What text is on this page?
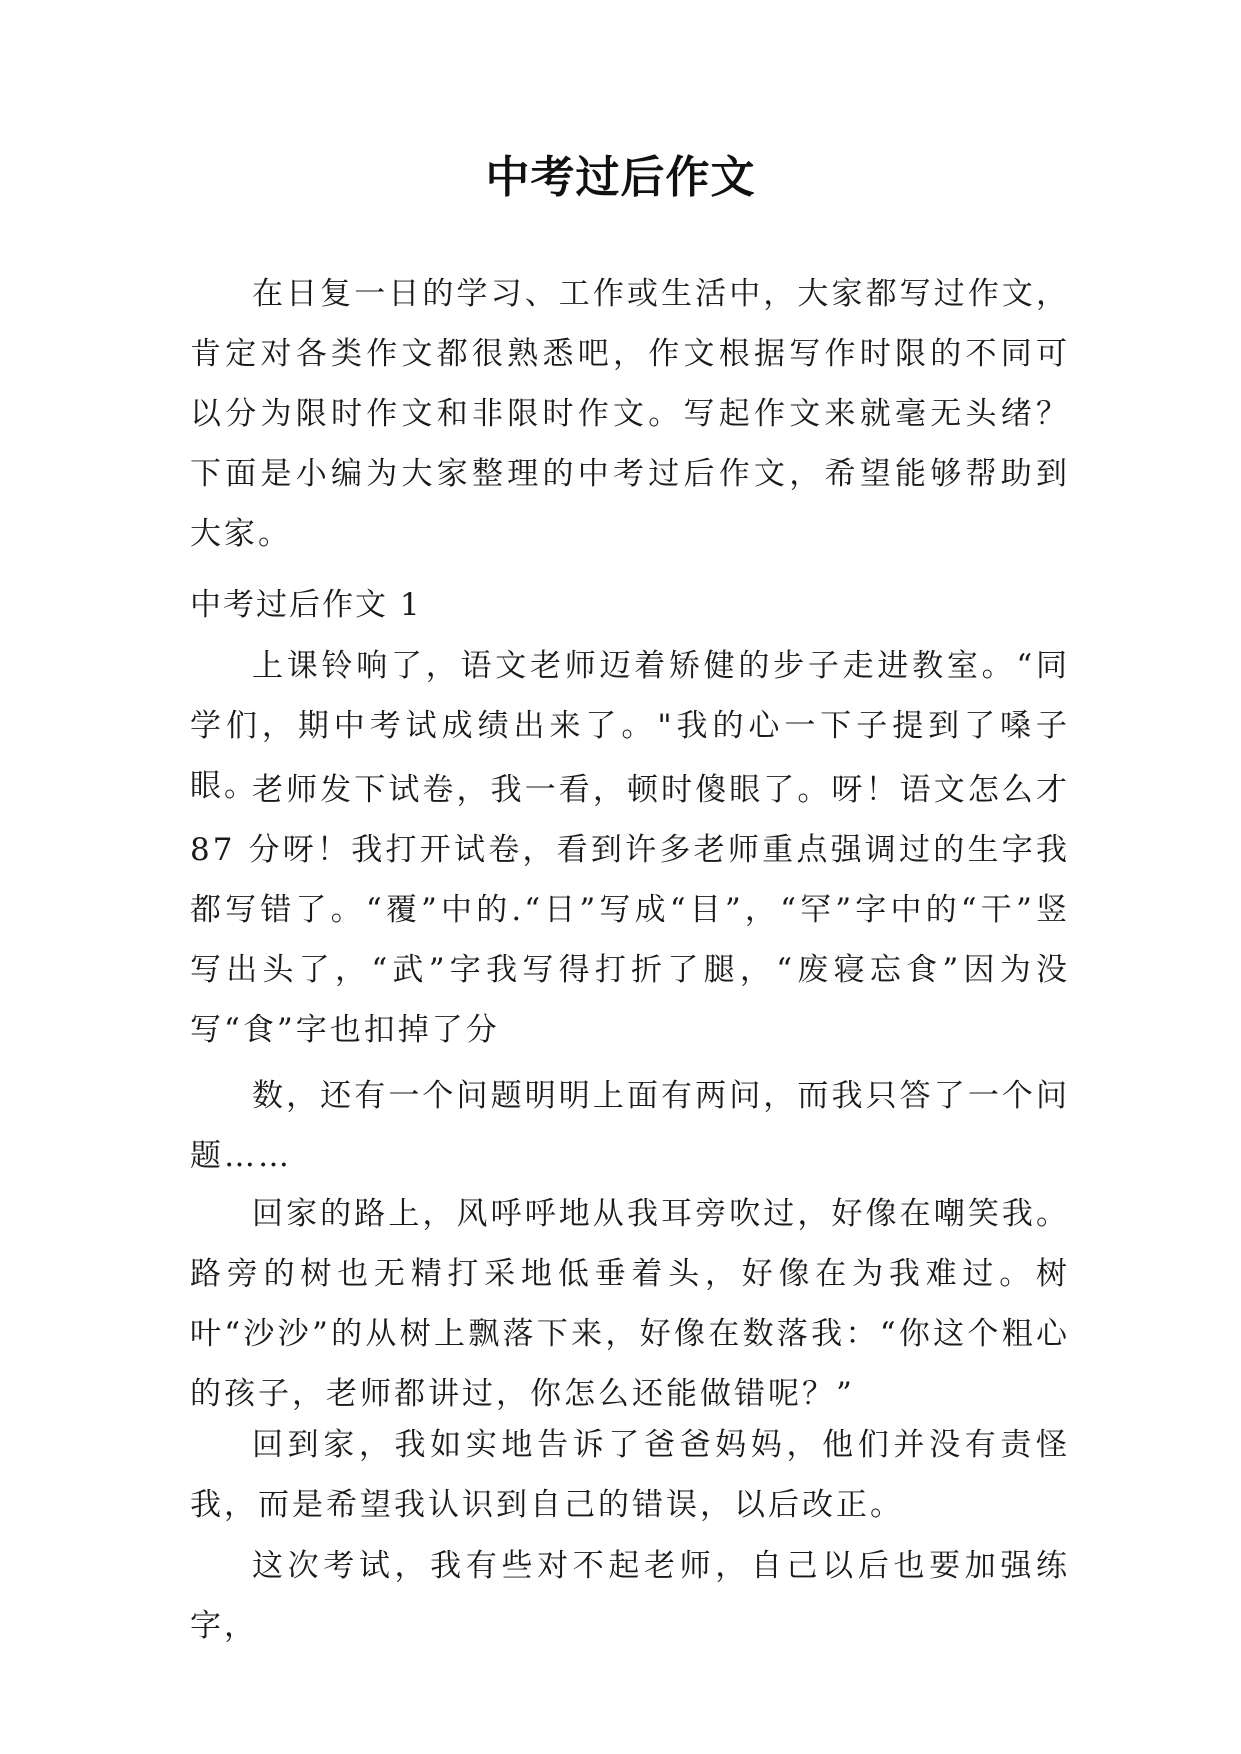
中考过后作文

在日复一日的学习、工作或生活中，大家都写过作文，肯定对各类作文都很熟悉吧，作文根据写作时限的不同可以分为限时作文和非限时作文。写起作文来就毫无头绪？下面是小编为大家整理的中考过后作文，希望能够帮助到大家。

中考过后作文 1

上课铃响了，语文老师迈着矫健的步子走进教室。“同学们，期中考试成绩出来了。"我的心一下子提到了嗓子眼。

老师发下试卷，我一看，顿时傻眼了。呀！语文怎么才 87 分呀！我打开试卷，看到许多老师重点强调过的生字我都写错了。“覆”中的.“日”写成“目”，“罕”字中的“干”竖写出头了，“武”字我写得打折了腿，“废寝忘食”因为没写“食”字也扣掉了分

数，还有一个问题明明上面有两问，而我只答了一个问题……

回家的路上，风呼呼地从我耳旁吹过，好像在嘲笑我。路旁的树也无精打采地低垂着头，好像在为我难过。树叶“沙沙”的从树上飘落下来，好像在数落我：“你这个粗心的孩子，老师都讲过，你怎么还能做错呢？”

回到家，我如实地告诉了爸爸妈妈，他们并没有责怪我，而是希望我认识到自己的错误，以后改正。

这次考试，我有些对不起老师，自己以后也要加强练字，
